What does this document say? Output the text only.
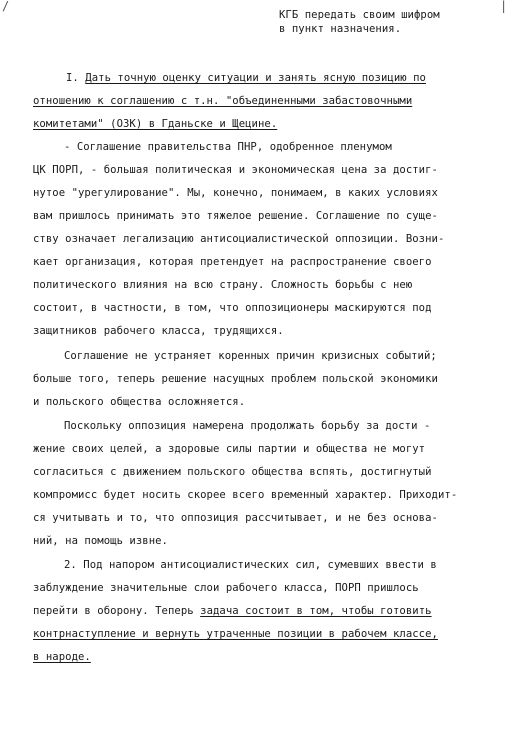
/	|
КГБ передать своим шифром
в пункт назначения.
I. Дать точную оценку ситуации и занять ясную позицию по
отношению к соглашению с т.н. "объединенными забастовочными
комитетами" (ОЗК) в Гданьске и Щецине.
- Соглашение правительства ПНР, одобренное пленумом
ЦК ПОРП, - большая политическая и экономическая цена за достиг-
нутое "урегулирование". Мы, конечно, понимаем, в каких условиях
вам пришлось принимать это тяжелое решение. Соглашение по суще-
ству означает легализацию антисоциалистической оппозиции. Возни-
кает организация, которая претендует на распространение своего
политического влияния на всю страну. Сложность борьбы с нею
состоит, в частности, в том, что оппозиционеры маскируются под
защитников рабочего класса, трудящихся.
Соглашение не устраняет коренных причин кризисных событий;
больше того, теперь решение насущных проблем польской экономики
и польского общества осложняется.
Поскольку оппозиция намерена продолжать борьбу за дости -
жение своих целей, а здоровые силы партии и общества не могут
согласиться с движением польского общества вспять, достигнутый
компромисс будет носить скорее всего временный характер. Приходит-
ся учитывать и то, что оппозиция рассчитывает, и не без основа-
ний, на помощь извне.
2. Под напором антисоциалистических сил, сумевших ввести в
заблуждение значительные слои рабочего класса, ПОРП пришлось
перейти в оборону. Теперь задача состоит в том, чтобы готовить
контрнаступление и вернуть утраченные позиции в рабочем классе,
в народе.
